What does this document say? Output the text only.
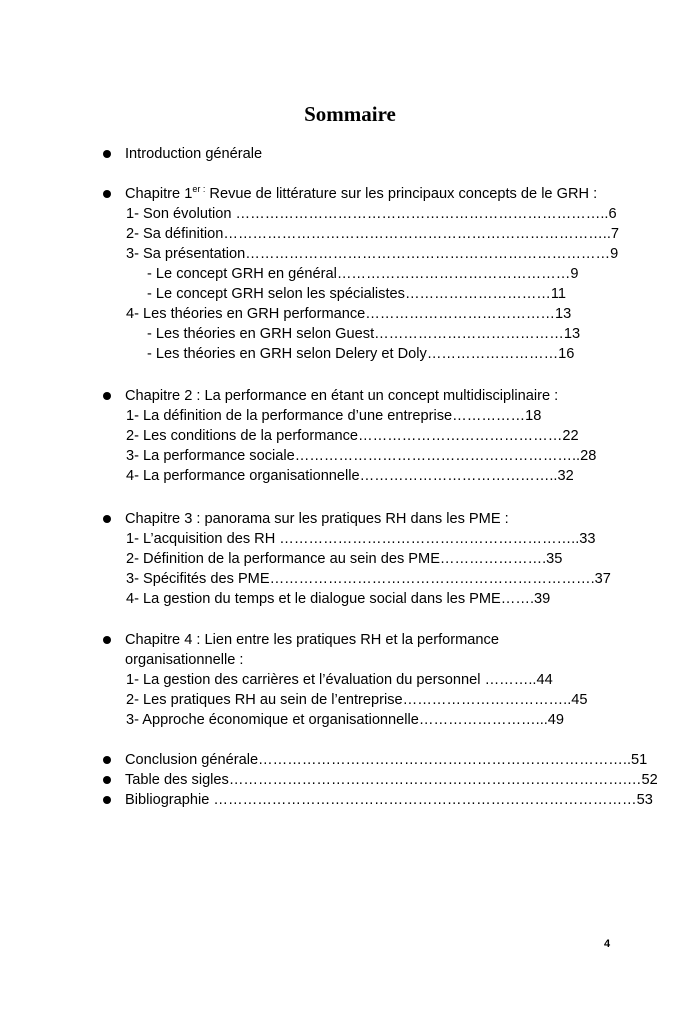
Sommaire
Introduction générale
Chapitre $1^{er :}$ Revue de littérature sur les principaux concepts de le GRH :
1- Son évolution …………………………………………………………………..6
2- Sa définition……………………………………………………………………..7
3- Sa présentation…………………………………………………………………9
- Le concept GRH en général…………………………………………9
- Le concept GRH selon les spécialistes…………………………11
4- Les théories en GRH performance…………………………………13
- Les théories en GRH selon Guest…………………………………13
- Les théories en GRH selon Delery et Doly………………………16
Chapitre 2 : La performance en étant un concept multidisciplinaire :
1- La définition de la performance d’une entreprise……………18
2- Les conditions de la performance……………………………………22
3- La performance sociale…………………………………………………..28
4- La performance organisationnelle…………………………………..32
Chapitre 3 : panorama sur les pratiques RH dans les PME :
1- L’acquisition des RH ……………………………………………………..33
2- Définition de la performance au sein des PME………………….35
3- Spécifités des PME………………………………………………………….37
4- La gestion du temps et le dialogue social dans les PME…….39
Chapitre 4 : Lien entre les pratiques RH et la performance
organisationnelle :
1- La gestion des carrières et l’évaluation du personnel ………..44
2- Les pratiques RH au sein de l’entreprise……………………………..45
3- Approche économique et organisationnelle……………………...49
Conclusion générale…………………………………………………………………..51
Table des sigles……………………………………………………………………….…52
Bibliographie ……………………………………………………………………………53
4
